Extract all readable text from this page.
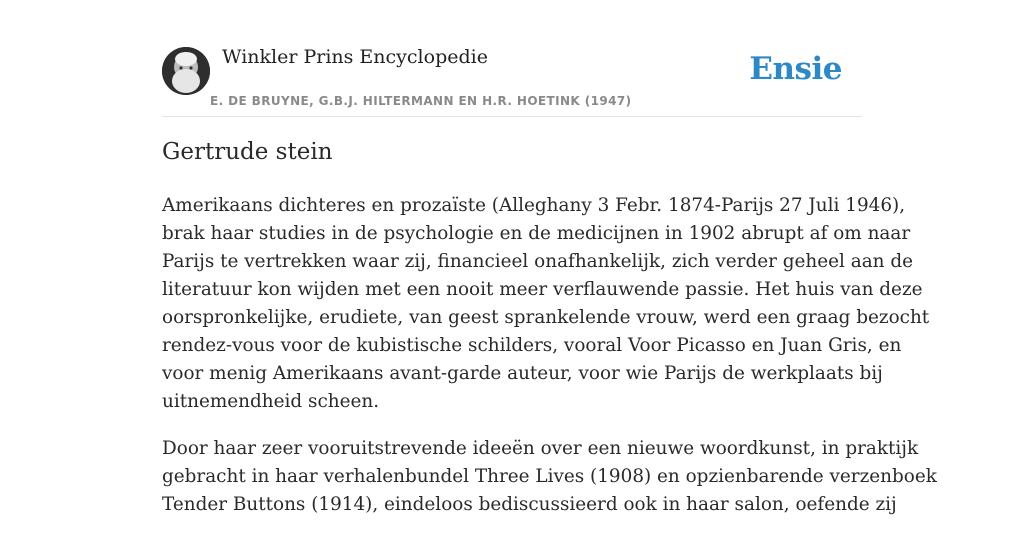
Winkler Prins Encyclopedie
E. DE BRUYNE, G.B.J. HILTERMANN EN H.R. HOETINK (1947)
Ensie
Gertrude stein

Amerikaans dichteres en prozaïste (Alleghany 3 Febr. 1874-Parijs 27 Juli 1946),
brak haar studies in de psychologie en de medicijnen in 1902 abrupt af om naar
Parijs te vertrekken waar zij, financieel onafhankelijk, zich verder geheel aan de
literatuur kon wijden met een nooit meer verflauwende passie. Het huis van deze
oorspronkelijke, erudiete, van geest sprankelende vrouw, werd een graag bezocht
rendez-vous voor de kubistische schilders, vooral Voor Picasso en Juan Gris, en
voor menig Amerikaans avant-garde auteur, voor wie Parijs de werkplaats bij
uitnemendheid scheen.

Door haar zeer vooruitstrevende ideeën over een nieuwe woordkunst, in praktijk
gebracht in haar verhalenbundel Three Lives (1908) en opzienbarende verzenboek
Tender Buttons (1914), eindeloos bediscussieerd ook in haar salon, oefende zij
